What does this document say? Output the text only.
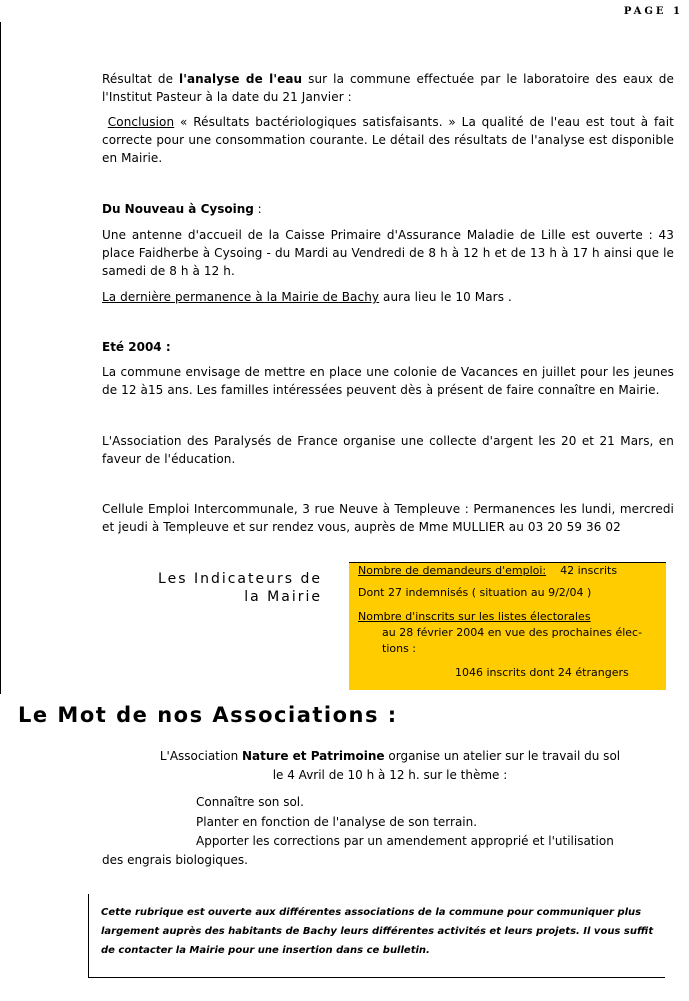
PAGE 1

Résultat de l'analyse de l'eau sur la commune effectuée par le laboratoire des eaux de l'Institut Pasteur à la date du 21 Janvier :

Conclusion « Résultats bactériologiques satisfaisants. » La qualité de l'eau est tout à fait correcte pour une consommation courante. Le détail des résultats de l'analyse est disponible en Mairie.

Du Nouveau à Cysoing :

Une antenne d'accueil de la Caisse Primaire d'Assurance Maladie de Lille est ouverte : 43 place Faidherbe à Cysoing - du Mardi au Vendredi de 8 h à 12 h et de 13 h à 17 h ainsi que le samedi de 8 h à 12 h.

La dernière permanence à la Mairie de Bachy aura lieu le 10 Mars .

Eté 2004 :

La commune envisage de mettre en place une colonie de Vacances en juillet pour les jeunes de 12 à15 ans. Les familles intéressées peuvent dès à présent de faire connaître en Mairie.

L'Association des Paralysés de France organise une collecte d'argent les 20 et 21 Mars, en faveur de l'éducation.

Cellule Emploi Intercommunale, 3 rue Neuve à Templeuve : Permanences les lundi, mercredi et jeudi à Templeuve et sur rendez vous, auprès de Mme MULLIER au 03 20 59 36 02

Les Indicateurs de
la Mairie
Nombre de demandeurs d'emploi: 42 inscrits
Dont 27 indemnisés ( situation au 9/2/04 )
Nombre d'inscrits sur les listes électorales
au 28 février 2004 en vue des prochaines élec-
tions :
1046 inscrits dont 24 étrangers
Le Mot de nos Associations :
L'Association Nature et Patrimoine organise un atelier sur le travail du sol
le 4 Avril de 10 h à 12 h. sur le thème :
Connaître son sol.
Planter en fonction de l'analyse de son terrain.
Apporter les corrections par un amendement approprié et l'utilisation
des engrais biologiques.
Cette rubrique est ouverte aux différentes associations de la commune pour communiquer plus largement auprès des habitants de Bachy leurs différentes activités et leurs projets. Il vous suffit de contacter la Mairie pour une insertion dans ce bulletin.
